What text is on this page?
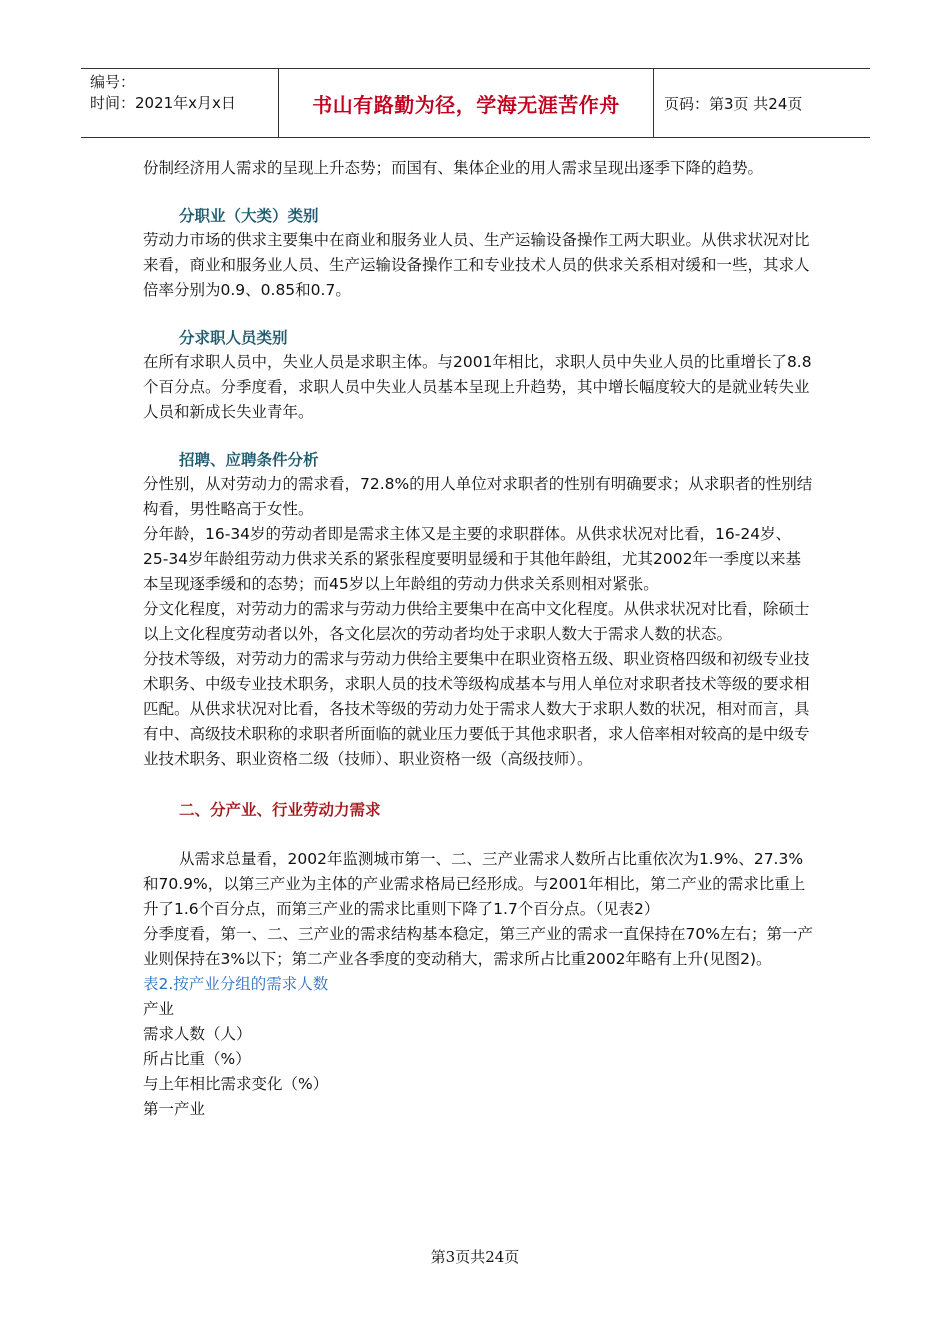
编号：
时间：2021年x月x日	书山有路勤为径，学海无涯苦作舟	页码：第3页 共24页

份制经济用人需求的呈现上升态势；而国有、集体企业的用人需求呈现出逐季下降的趋势。

分职业（大类）类别

劳动力市场的供求主要集中在商业和服务业人员、生产运输设备操作工两大职业。从供求状况对比来看，商业和服务业人员、生产运输设备操作工和专业技术人员的供求关系相对缓和一些，其求人倍率分别为0.9、0.85和0.7。

分求职人员类别

在所有求职人员中，失业人员是求职主体。与2001年相比，求职人员中失业人员的比重增长了8.8个百分点。分季度看，求职人员中失业人员基本呈现上升趋势，其中增长幅度较大的是就业转失业人员和新成长失业青年。

招聘、应聘条件分析

分性别，从对劳动力的需求看，72.8%的用人单位对求职者的性别有明确要求；从求职者的性别结构看，男性略高于女性。

分年龄，16-34岁的劳动者即是需求主体又是主要的求职群体。从供求状况对比看，16-24岁、25-34岁年龄组劳动力供求关系的紧张程度要明显缓和于其他年龄组，尤其2002年一季度以来基本呈现逐季缓和的态势；而45岁以上年龄组的劳动力供求关系则相对紧张。

分文化程度，对劳动力的需求与劳动力供给主要集中在高中文化程度。从供求状况对比看，除硕士以上文化程度劳动者以外，各文化层次的劳动者均处于求职人数大于需求人数的状态。

分技术等级，对劳动力的需求与劳动力供给主要集中在职业资格五级、职业资格四级和初级专业技术职务、中级专业技术职务，求职人员的技术等级构成基本与用人单位对求职者技术等级的要求相匹配。从供求状况对比看，各技术等级的劳动力处于需求人数大于求职人数的状况，相对而言，具有中、高级技术职称的求职者所面临的就业压力要低于其他求职者，求人倍率相对较高的是中级专业技术职务、职业资格二级（技师）、职业资格一级（高级技师）。

二、分产业、行业劳动力需求

从需求总量看，2002年监测城市第一、二、三产业需求人数所占比重依次为1.9%、27.3%和70.9%，以第三产业为主体的产业需求格局已经形成。与2001年相比，第二产业的需求比重上升了1.6个百分点，而第三产业的需求比重则下降了1.7个百分点。（见表2）

分季度看，第一、二、三产业的需求结构基本稳定，第三产业的需求一直保持在70%左右；第一产业则保持在3%以下；第二产业各季度的变动稍大，需求所占比重2002年略有上升(见图2)。

表2.按产业分组的需求人数

产业

需求人数（人）

所占比重（%）

与上年相比需求变化（%）

第一产业

第3页共24页
